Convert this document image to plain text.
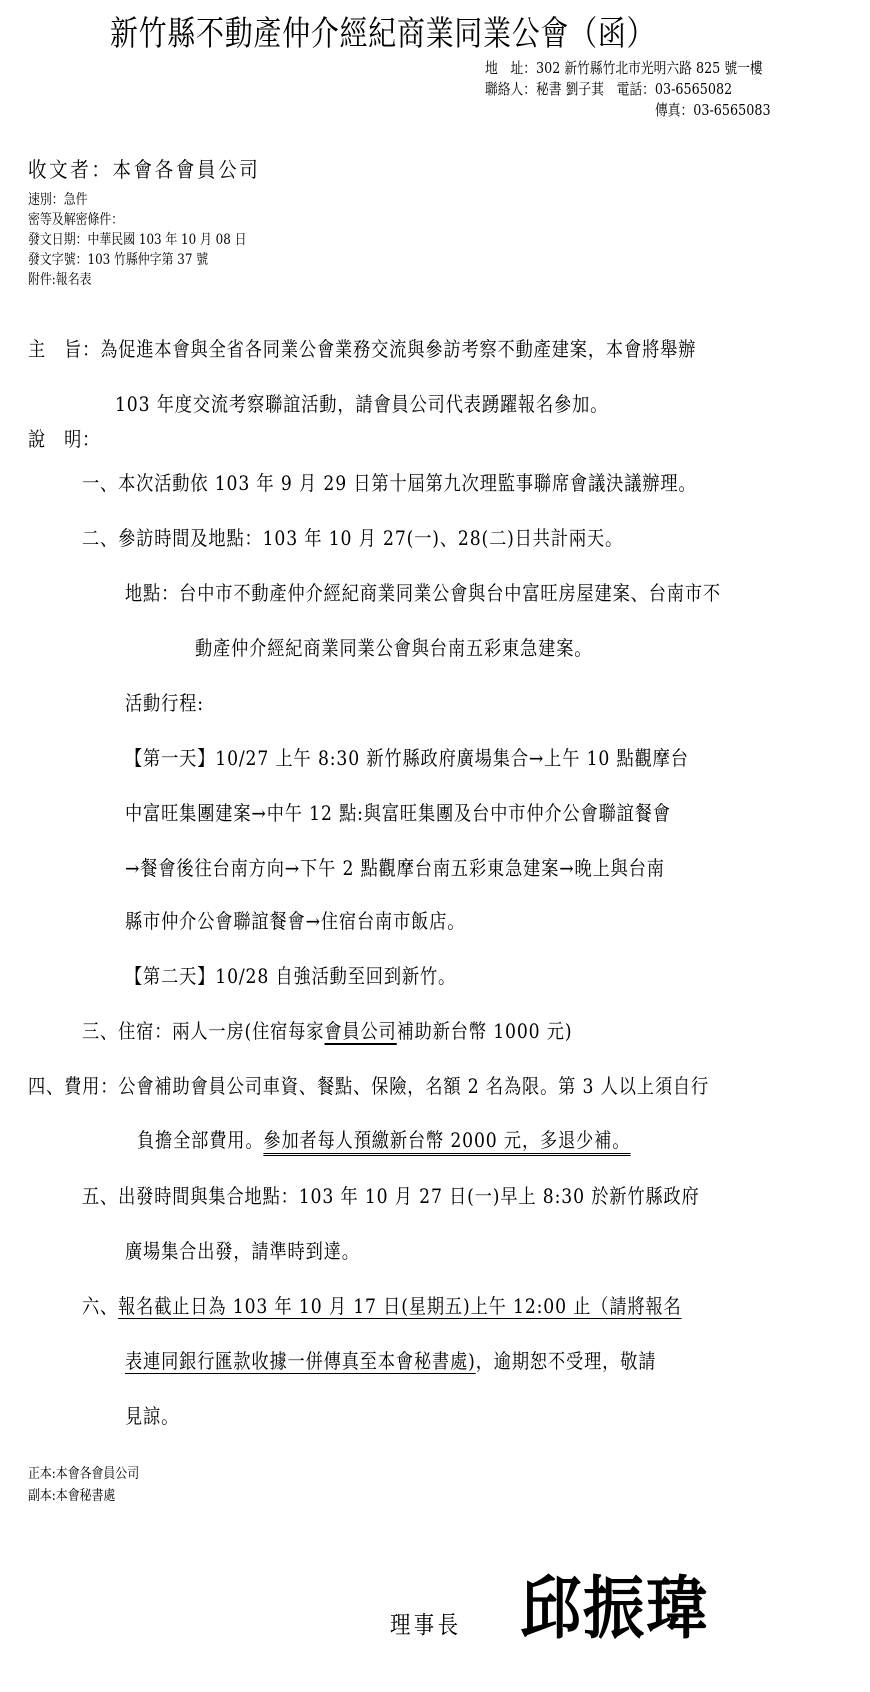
新竹縣不動產仲介經紀商業同業公會（函）
地　址：302 新竹縣竹北市光明六路 825 號一樓
聯絡人：秘書 劉子萁　 電話：03-6565082
傳真：03-6565083
收文者：本會各會員公司
速別：急件
密等及解密條件：
發文日期：中華民國 103 年 10 月 08 日
發文字號：103 竹縣仲字第 37 號
附件:報名表
主　旨：為促進本會與全省各同業公會業務交流與參訪考察不動產建案，本會將舉辦
103 年度交流考察聯誼活動，請會員公司代表踴躍報名參加。
說　明：
一、本次活動依 103 年 9 月 29 日第十屆第九次理監事聯席會議決議辦理。
二、參訪時間及地點：103 年 10 月 27(一)、28(二)日共計兩天。
地點：台中市不動產仲介經紀商業同業公會與台中富旺房屋建案、台南市不
動產仲介經紀商業同業公會與台南五彩東急建案。
活動行程:
【第一天】10/27 上午 8:30 新竹縣政府廣場集合→上午 10 點觀摩台
中富旺集團建案→中午 12 點:與富旺集團及台中市仲介公會聯誼餐會
→餐會後往台南方向→下午 2 點觀摩台南五彩東急建案→晚上與台南
縣市仲介公會聯誼餐會→住宿台南市飯店。
【第二天】10/28 自強活動至回到新竹。
三、住宿：兩人一房(住宿每家會員公司補助新台幣 1000 元)
四、費用：公會補助會員公司車資、餐點、保險，名額 2 名為限。第 3 人以上須自行
負擔全部費用。參加者每人預繳新台幣 2000 元，多退少補。
五、出發時間與集合地點：103 年 10 月 27 日(一)早上 8:30 於新竹縣政府
廣場集合出發，請準時到達。
六、報名截止日為 103 年 10 月 17 日(星期五)上午 12:00 止（請將報名
表連同銀行匯款收據一併傳真至本會秘書處)，逾期恕不受理，敬請
見諒。
正本:本會各會員公司
副本:本會秘書處
理事長 邱振瑋
